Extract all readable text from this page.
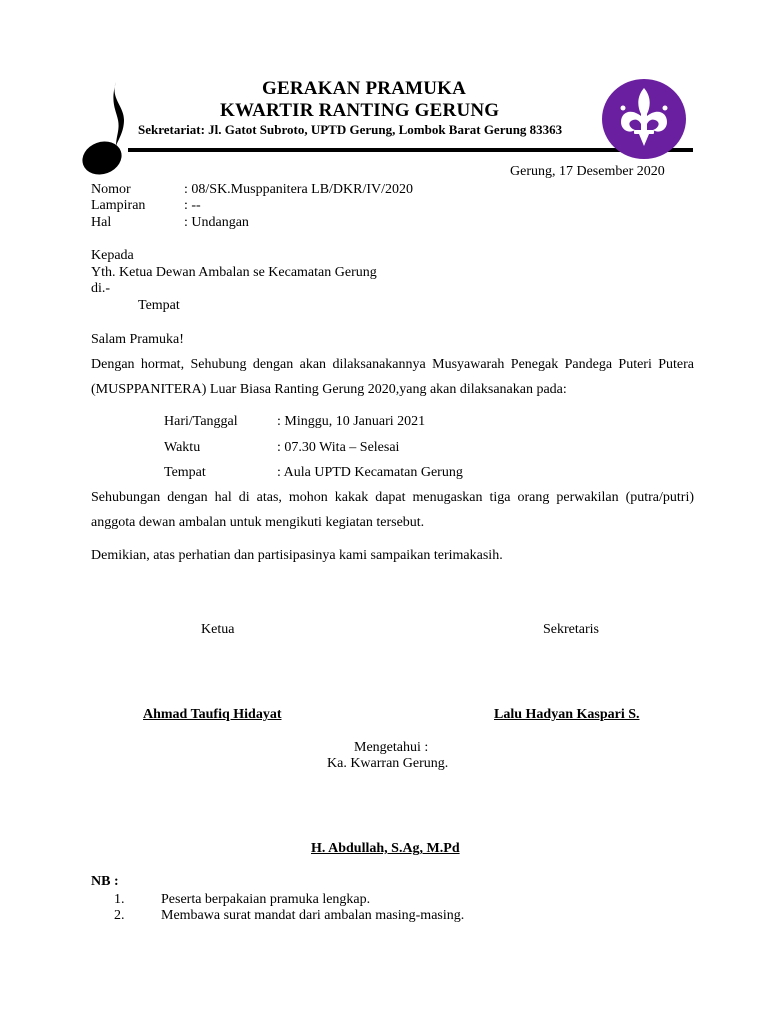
GERAKAN PRAMUKA
KWARTIR RANTING GERUNG
Sekretariat: Jl. Gatot Subroto, UPTD Gerung, Lombok Barat Gerung 83363
Gerung, 17 Desember 2020
Nomor	: 08/SK.Musppanitera LB/DKR/IV/2020
Lampiran	: --
Hal	: Undangan
Kepada
Yth. Ketua Dewan Ambalan se Kecamatan Gerung
di.-
Tempat
Salam Pramuka!
Dengan hormat, Sehubung dengan akan dilaksanakannya Musyawarah Penegak Pandega Puteri Putera (MUSPPANITERA) Luar Biasa Ranting Gerung 2020,yang akan dilaksanakan pada:
Hari/Tanggal	: Minggu, 10 Januari 2021
Waktu	: 07.30 Wita – Selesai
Tempat	: Aula UPTD Kecamatan Gerung
Sehubungan dengan hal di atas, mohon kakak dapat menugaskan tiga orang perwakilan (putra/putri) anggota dewan ambalan untuk mengikuti kegiatan tersebut.
Demikian, atas perhatian dan partisipasinya kami sampaikan terimakasih.
Ketua	Sekretaris
Ahmad Taufiq Hidayat	Lalu Hadyan Kaspari S.
Mengetahui :
Ka. Kwarran Gerung.
H. Abdullah, S.Ag, M.Pd
NB :
1.	Peserta berpakaian pramuka lengkap.
2.	Membawa surat mandat dari ambalan masing-masing.
